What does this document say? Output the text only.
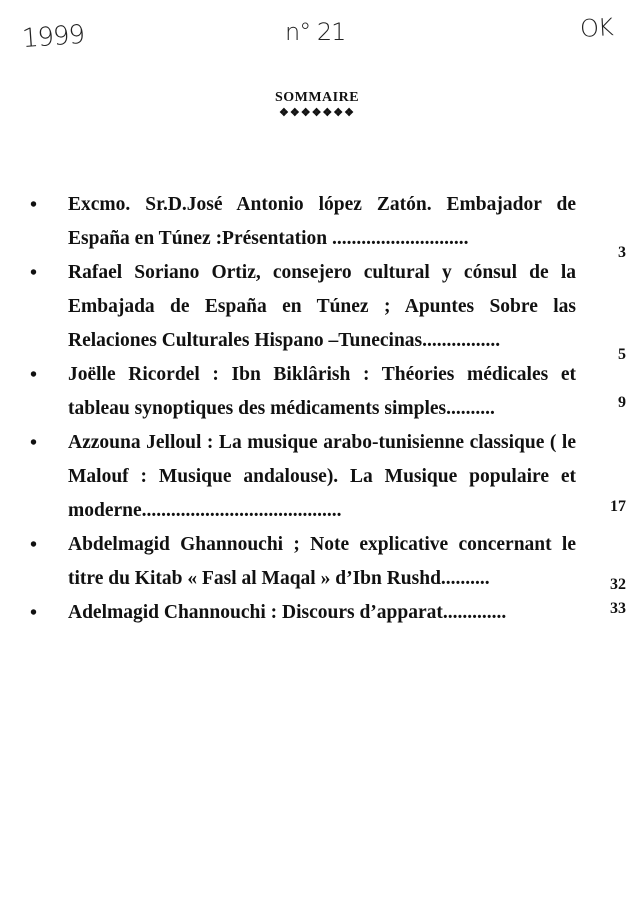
1999	n° 21	OK
SOMMAIRE
❖❖❖❖❖❖❖
• Excmo. Sr.D.José Antonio lópez Zatón. Embajador de España en Túnez :Présentation ............................
3
• Rafael Soriano Ortiz, consejero cultural y cónsul de la Embajada de España en Túnez ; Apuntes Sobre las Relaciones Culturales Hispano –Tunecinas................
5
• Joëlle Ricordel : Ibn Biklârish : Théories médicales et tableau synoptiques des médicaments simples..........	9
• Azzouna Jelloul : La musique arabo-tunisienne classique ( le Malouf : Musique andalouse). La Musique populaire et moderne.........................................	17
• Abdelmagid Ghannouchi ; Note explicative concernant le titre du Kitab « Fasl al Maqal » d’Ibn Rushd..........	32
• Adelmagid Channouchi : Discours d’apparat.............	33
